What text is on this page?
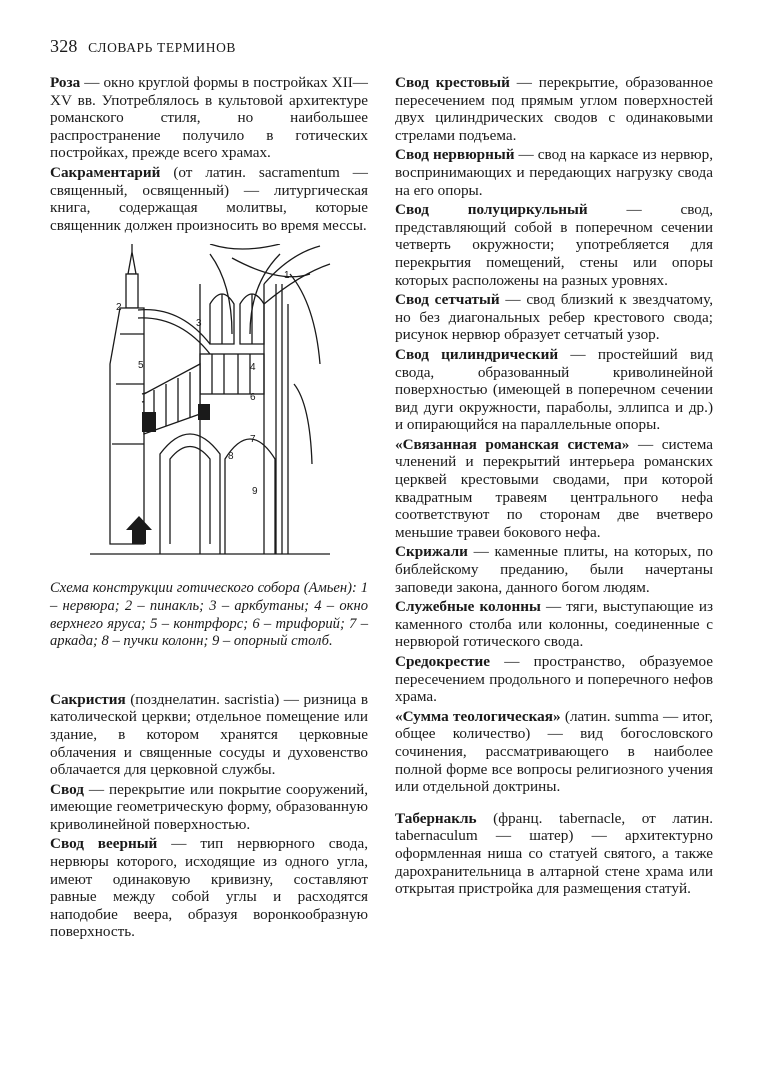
328 СЛОВАРЬ ТЕРМИНОВ

Роза — окно круглой формы в постройках XII—XV вв. Употреблялось в культовой архитектуре романского стиля, но наибольшее распространение получило в готических постройках, прежде всего храмах.

Сакраментарий (от латин. sacramentum — священный, освященный) — литургическая книга, содержащая молитвы, которые священник должен произносить во время мессы.

1
2
3
4
5
6
7
8
9

Схема конструкции готического собора (Амьен): 1 – нервюра; 2 – пинакль; 3 – аркбутаны; 4 – окно верхнего яруса; 5 – контрфорс; 6 – трифорий; 7 – аркада; 8 – пучки колонн; 9 – опорный столб.

Сакристия (позднелатин. sacristia) — ризница в католической церкви; отдельное помещение или здание, в котором хранятся церковные облачения и священные сосуды и духовенство облачается для церковной службы.

Свод — перекрытие или покрытие сооружений, имеющие геометрическую форму, образованную криволинейной поверхностью.

Свод веерный — тип нервюрного свода, нервюры которого, исходящие из одного угла, имеют одинаковую кривизну, составляют равные между собой углы и расходятся наподобие веера, образуя воронкообразную поверхность.

Свод крестовый — перекрытие, образованное пересечением под прямым углом поверхностей двух цилиндрических сводов с одинаковыми стрелами подъема.

Свод нервюрный — свод на каркасе из нервюр, воспринимающих и передающих нагрузку свода на его опоры.

Свод полуциркульный — свод, представляющий собой в поперечном сечении четверть окружности; употребляется для перекрытия помещений, стены или опоры которых расположены на разных уровнях.

Свод сетчатый — свод близкий к звездчатому, но без диагональных ребер крестового свода; рисунок нервюр образует сетчатый узор.

Свод цилиндрический — простейший вид свода, образованный криволинейной поверхностью (имеющей в поперечном сечении вид дуги окружности, параболы, эллипса и др.) и опирающийся на параллельные опоры.

«Связанная романская система» — система членений и перекрытий интерьера романских церквей крестовыми сводами, при которой квадратным травеям центрального нефа соответствуют по сторонам две вчетверо меньшие травеи бокового нефа.

Скрижали — каменные плиты, на которых, по библейскому преданию, были начертаны заповеди закона, данного богом людям.

Служебные колонны — тяги, выступающие из каменного столба или колонны, соединенные с нервюрой готического свода.

Средокрестие — пространство, образуемое пересечением продольного и поперечного нефов храма.

«Сумма теологическая» (латин. summa — итог, общее количество) — вид богословского сочинения, рассматривающего в наиболее полной форме все вопросы религиозного учения или отдельной доктрины.

Табернакль (франц. tabernacle, от латин. tabernaculum — шатер) — архитектурно оформленная ниша со статуей святого, а также дарохранительница в алтарной стене храма или открытая пристройка для размещения статуй.
